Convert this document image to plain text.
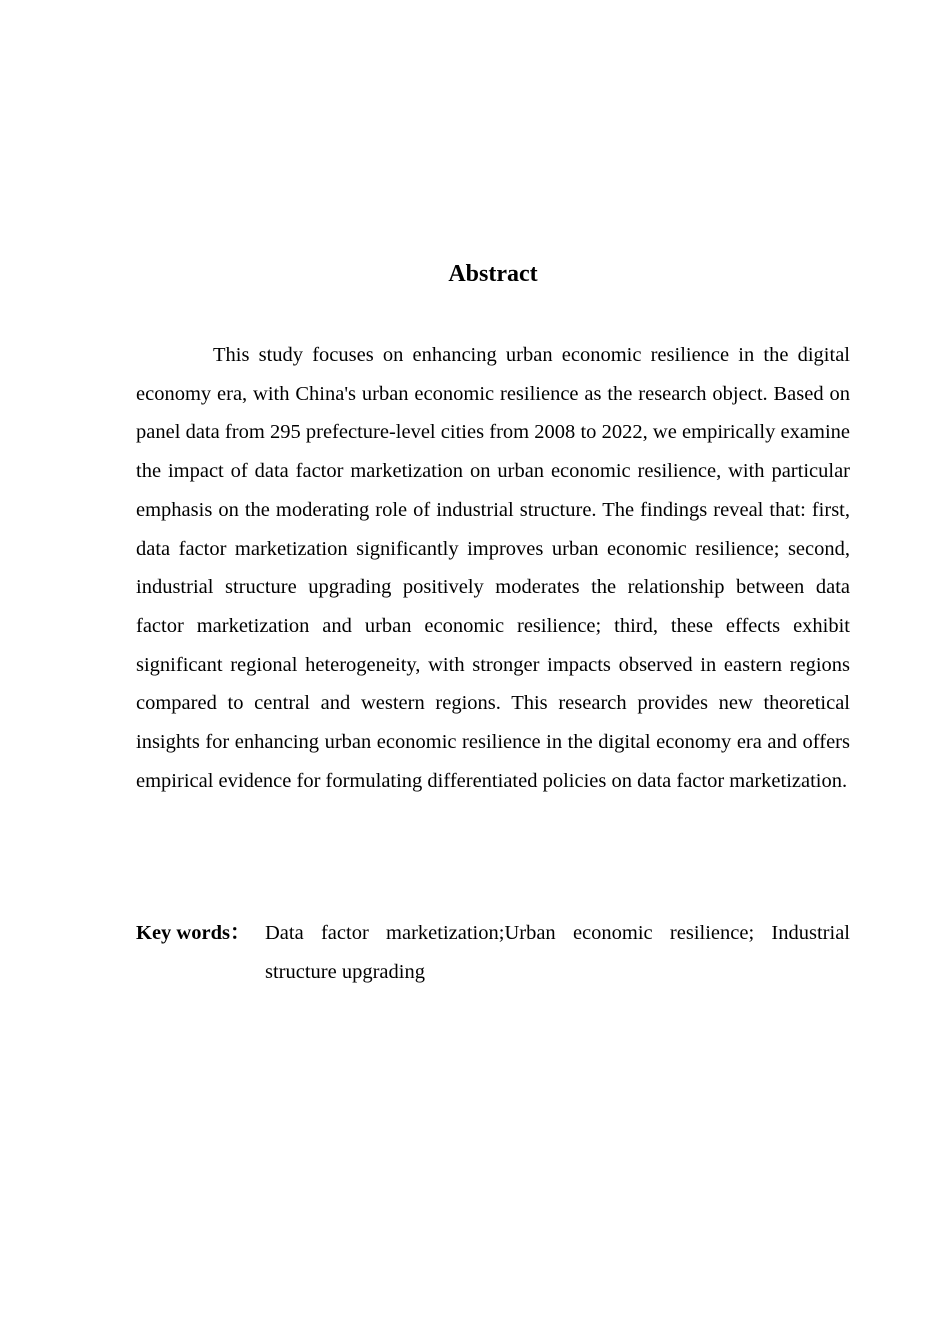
Abstract

This study focuses on enhancing urban economic resilience in the digital economy era, with China's urban economic resilience as the research object. Based on panel data from 295 prefecture-level cities from 2008 to 2022, we empirically examine the impact of data factor marketization on urban economic resilience, with particular emphasis on the moderating role of industrial structure. The findings reveal that: first, data factor marketization significantly improves urban economic resilience; second, industrial structure upgrading positively moderates the relationship between data factor marketization and urban economic resilience; third, these effects exhibit significant regional heterogeneity, with stronger impacts observed in eastern regions compared to central and western regions. This research provides new theoretical insights for enhancing urban economic resilience in the digital economy era and offers empirical evidence for formulating differentiated policies on data factor marketization.

Key words： Data factor marketization;Urban economic resilience; Industrial structure upgrading
